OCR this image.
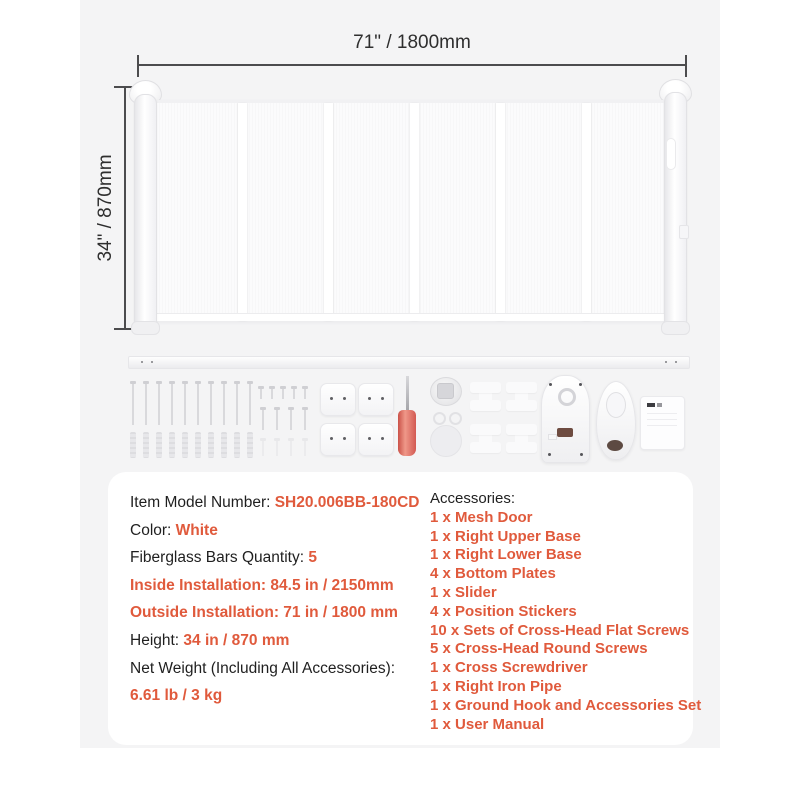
71" / 1800mm
34" / 870mm
Item Model Number: SH20.006BB-180CD
Color: White
Fiberglass Bars Quantity: 5
Inside Installation: 84.5 in / 2150mm
Outside Installation: 71 in / 1800 mm
Height: 34 in / 870 mm
Net Weight (Including All Accessories):
6.61 lb / 3 kg
Accessories:
1 x Mesh Door
1 x Right Upper Base
1 x Right Lower Base
4 x Bottom Plates
1 x Slider
4 x Position Stickers
10 x Sets of Cross-Head Flat Screws
5 x Cross-Head Round Screws
1 x Cross Screwdriver
1 x Right Iron Pipe
1 x Ground Hook and Accessories Set
1 x User Manual
